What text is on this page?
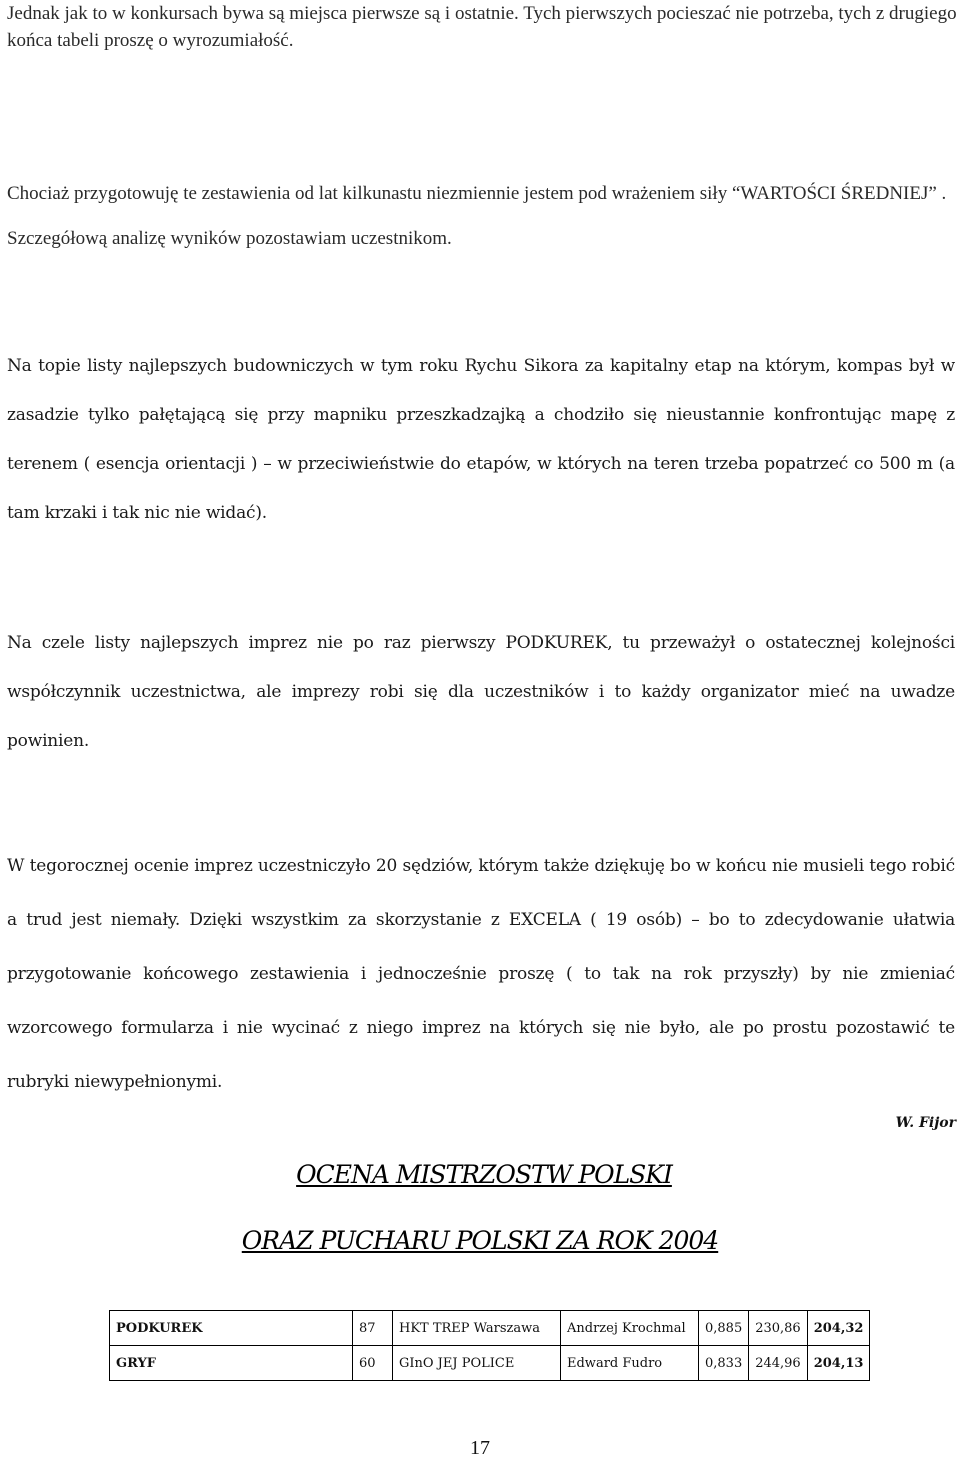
Jednak jak to w konkursach bywa są miejsca pierwsze są i ostatnie. Tych pierwszych pocieszać nie potrzeba, tych z drugiego końca tabeli proszę o wyrozumiałość.
Chociaż przygotowuję te zestawienia od lat kilkunastu niezmiennie jestem pod wrażeniem siły “WARTOŚCI ŚREDNIEJ” . Szczegółową analizę wyników pozostawiam uczestnikom.
Na topie listy najlepszych budowniczych w tym roku Rychu Sikora za kapitalny etap na którym, kompas był w zasadzie tylko pałętającą się przy mapniku przeszkadzajką a chodziło się nieustannie konfrontując mapę z terenem ( esencja orientacji ) – w przeciwieństwie do etapów, w których na teren trzeba popatrzeć co 500 m (a tam krzaki i tak nic nie widać).
Na czele listy najlepszych imprez nie po raz pierwszy PODKUREK, tu przeważył o ostatecznej kolejności współczynnik uczestnictwa, ale imprezy robi się dla uczestników i to każdy organizator mieć na uwadze powinien.
W tegorocznej ocenie imprez uczestniczyło 20 sędziów, którym także dziękuję bo w końcu nie musieli tego robić a trud jest niemały. Dzięki wszystkim za skorzystanie z EXCELA ( 19 osób) – bo to zdecydowanie ułatwia przygotowanie końcowego zestawienia i jednocześnie proszę ( to tak na rok przyszły) by nie zmieniać wzorcowego formularza i nie wycinać z niego imprez na których się nie było, ale po prostu pozostawić te rubryki niewypełnionymi.
W. Fijor
OCENA MISTRZOSTW POLSKI
ORAZ PUCHARU POLSKI ZA ROK 2004
PODKUREK	87	HKT TREP Warszawa	Andrzej Krochmal	0,885	230,86	204,32
GRYF	60	GInO JEJ POLICE	Edward Fudro	0,833	244,96	204,13
17
